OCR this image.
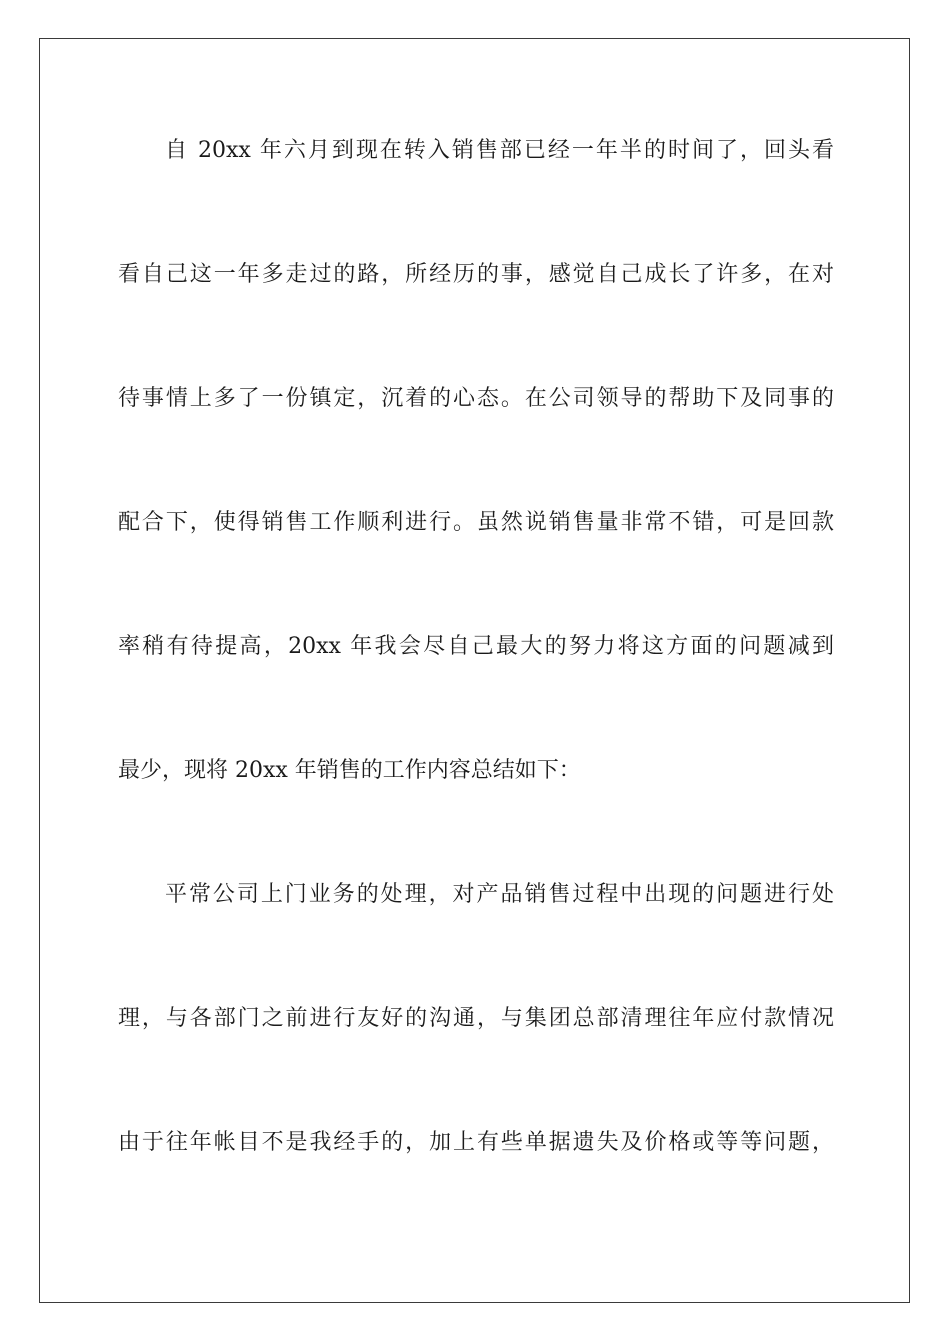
自 20xx 年六月到现在转入销售部已经一年半的时间了，回头看
看自己这一年多走过的路，所经历的事，感觉自己成长了许多，在对
待事情上多了一份镇定，沉着的心态。在公司领导的帮助下及同事的
配合下，使得销售工作顺利进行。虽然说销售量非常不错，可是回款
率稍有待提高，20xx 年我会尽自己最大的努力将这方面的问题减到
最少，现将 20xx 年销售的工作内容总结如下：
平常公司上门业务的处理，对产品销售过程中出现的问题进行处
理，与各部门之前进行友好的沟通，与集团总部清理往年应付款情况
由于往年帐目不是我经手的，加上有些单据遗失及价格或等等问题，
